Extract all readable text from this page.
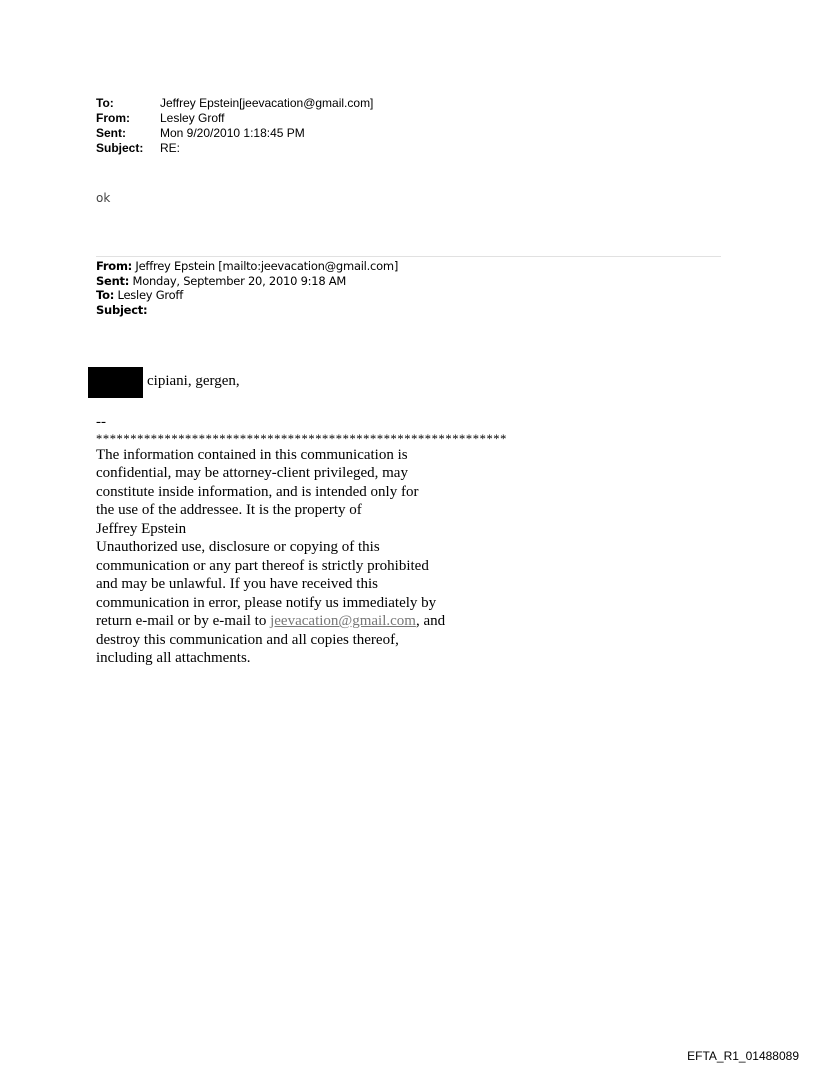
To:	Jeffrey Epstein[jeevacation@gmail.com]
From:	Lesley Groff
Sent:	Mon 9/20/2010 1:18:45 PM
Subject:	RE:
ok
From: Jeffrey Epstein [mailto:jeevacation@gmail.com]
Sent: Monday, September 20, 2010 9:18 AM
To: Lesley Groff
Subject:
cipiani, gergen,
--
************************************************************
The information contained in this communication is
confidential, may be attorney-client privileged, may
constitute inside information, and is intended only for
the use of the addressee. It is the property of
Jeffrey Epstein
Unauthorized use, disclosure or copying of this
communication or any part thereof is strictly prohibited
and may be unlawful. If you have received this
communication in error, please notify us immediately by
return e-mail or by e-mail to jeevacation@gmail.com, and
destroy this communication and all copies thereof,
including all attachments.
EFTA_R1_01488089
